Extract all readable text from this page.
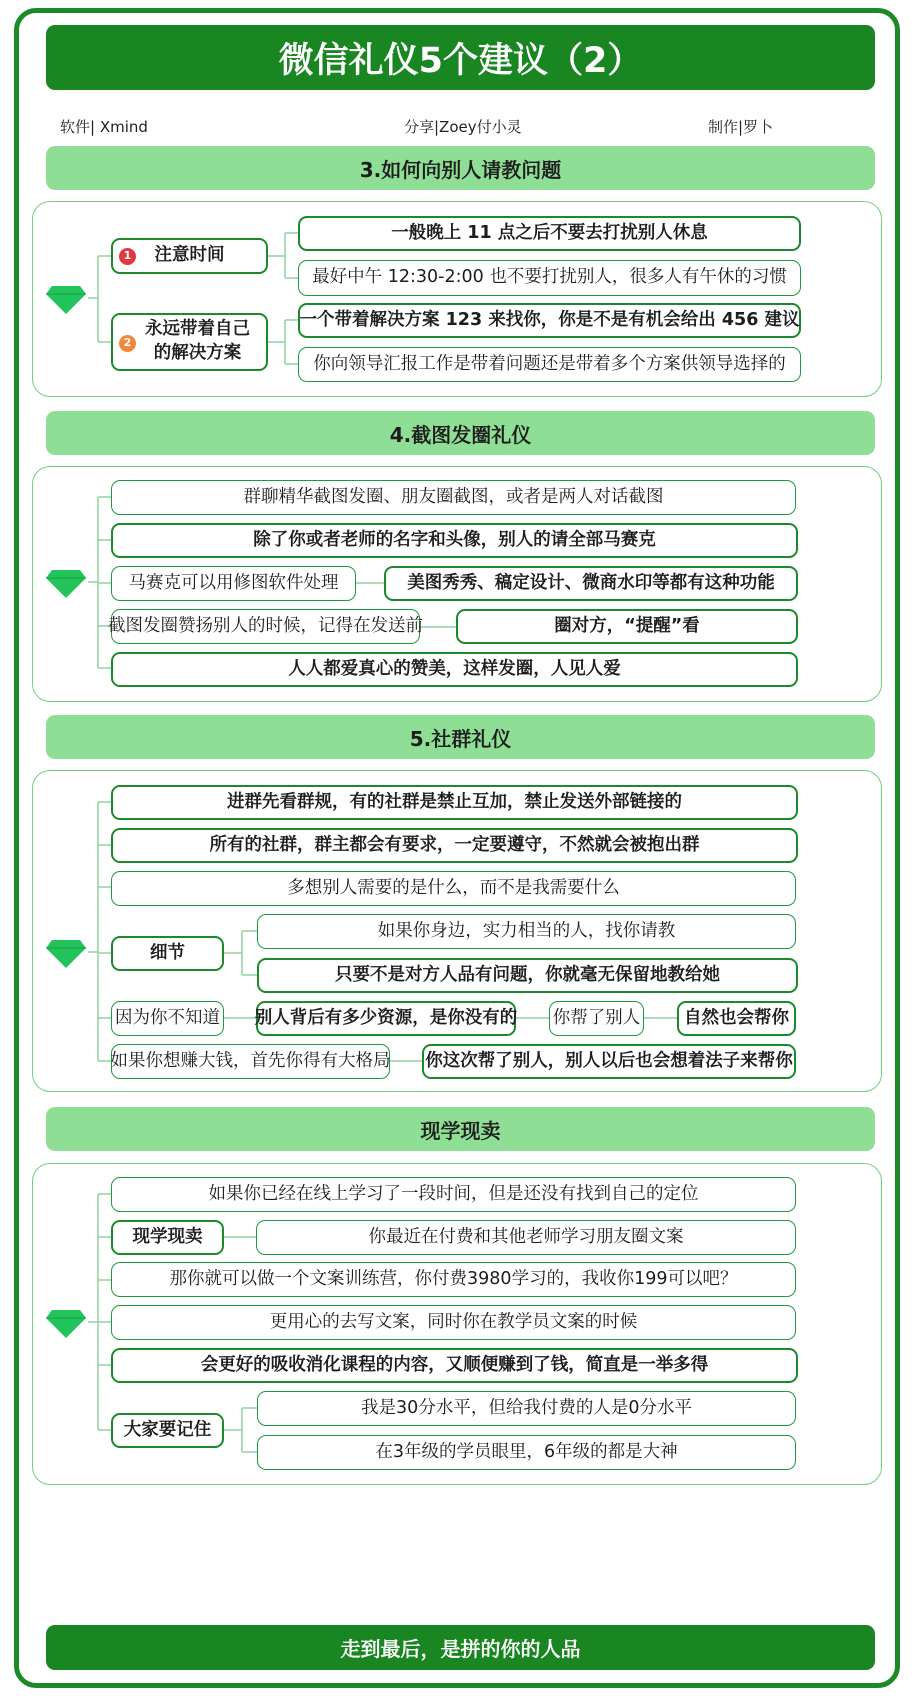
微信礼仪5个建议（2）
软件| Xmind	分享|Zoey付小灵	制作|罗卜
3.如何向别人请教问题
1 注意时间
2
永远带着自己的解决方案
一般晚上 11 点之后不要去打扰别人休息
最好中午 12:30-2:00 也不要打扰别人，很多人有午休的习惯
一个带着解决方案 123 来找你，你是不是有机会给出 456 建议
你向领导汇报工作是带着问题还是带着多个方案供领导选择的
4.截图发圈礼仪
群聊精华截图发圈、朋友圈截图，或者是两人对话截图
除了你或者老师的名字和头像，别人的请全部马赛克
马赛克可以用修图软件处理	美图秀秀、稿定设计、微商水印等都有这种功能
截图发圈赞扬别人的时候，记得在发送前	圈对方，“提醒”看
人人都爱真心的赞美，这样发圈，人见人爱
5.社群礼仪
进群先看群规，有的社群是禁止互加，禁止发送外部链接的
所有的社群，群主都会有要求，一定要遵守，不然就会被抱出群
多想别人需要的是什么，而不是我需要什么
细节
如果你身边，实力相当的人，找你请教
只要不是对方人品有问题，你就毫无保留地教给她
因为你不知道 别人背后有多少资源，是你没有的 你帮了别人	自然也会帮你
如果你想赚大钱，首先你得有大格局 你这次帮了别人，别人以后也会想着法子来帮你
现学现卖
如果你已经在线上学习了一段时间，但是还没有找到自己的定位
现学现卖	你最近在付费和其他老师学习朋友圈文案
那你就可以做一个文案训练营，你付费3980学习的，我收你199可以吧？
更用心的去写文案，同时你在教学员文案的时候
会更好的吸收消化课程的内容，又顺便赚到了钱，简直是一举多得
大家要记住
我是30分水平，但给我付费的人是0分水平
在3年级的学员眼里，6年级的都是大神
走到最后，是拼的你的人品
